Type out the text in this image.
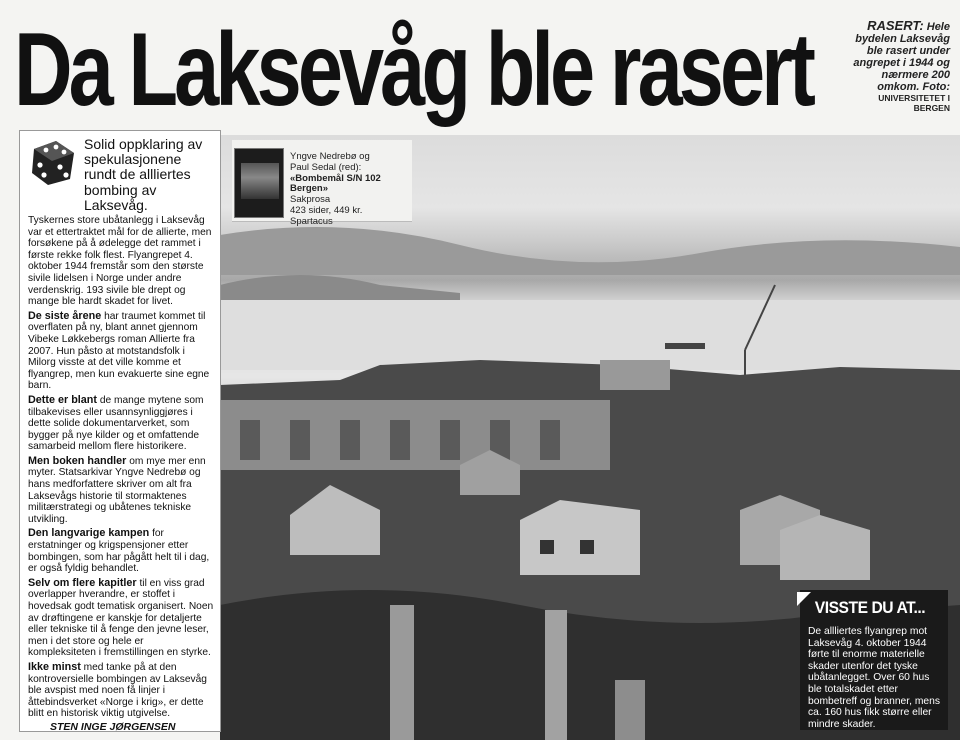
Da Laksevåg ble rasert	RASERT: Hele bydelen Laksevåg ble rasert under angrepet i 1944 og nærmere 200 omkom. Foto:
UNIVERSITETET I BERGEN
Yngve Nedrebø og
Paul Sedal (red):
«Bombemål S/N 102 Bergen»
Sakprosa
423 sider, 449 kr.
Spartacus
Solid oppklaring av spekulasjonene rundt de allliertes bombing av Laksevåg.

Tyskernes store ubåtanlegg i Laksevåg var et ettertraktet mål for de allierte, men forsøkene på å ødelegge det rammet i første rekke folk flest. Flyangrepet 4. oktober 1944 fremstår som den største sivile lidelsen i Norge under andre verdenskrig. 193 sivile ble drept og mange ble hardt skadet for livet.

De siste årene har traumet kommet til overflaten på ny, blant annet gjennom Vibeke Løkkebergs roman Allierte fra 2007. Hun påsto at motstandsfolk i Milorg visste at det ville komme et flyangrep, men kun evakuerte sine egne barn.

Dette er blant de mange mytene som tilbakevises eller usannsynliggjøres i dette solide dokumentarverket, som bygger på nye kilder og et omfattende samarbeid mellom flere historikere.

Men boken handler om mye mer enn myter. Statsarkivar Yngve Nedrebø og hans medforfattere skriver om alt fra Laksevågs historie til stormaktenes militærstrategi og ubåtenes tekniske utvikling.

Den langvarige kampen for erstatninger og krigspensjoner etter bombingen, som har pågått helt til i dag, er også fyldig behandlet.

Selv om flere kapitler til en viss grad overlapper hverandre, er stoffet i hovedsak godt tematisk organisert. Noen av drøftingene er kanskje for detaljerte eller tekniske til å fenge den jevne leser, men i det store og hele er kompleksiteten i fremstillingen en styrke.

Ikke minst med tanke på at den kontroversielle bombingen av Laksevåg ble avspist med noen få linjer i åttebindsverket «Norge i krig», er dette blitt en historisk viktig utgivelse.

STEN INGE JØRGENSEN
De allliertes flyangrep mot Laksevåg 4. oktober 1944 førte til enorme materielle skader utenfor det tyske ubåtanlegget. Over 60 hus ble totalskadet etter bombetreff og branner, mens ca. 160 hus fikk større eller mindre skader.
VISSTE DU AT...
